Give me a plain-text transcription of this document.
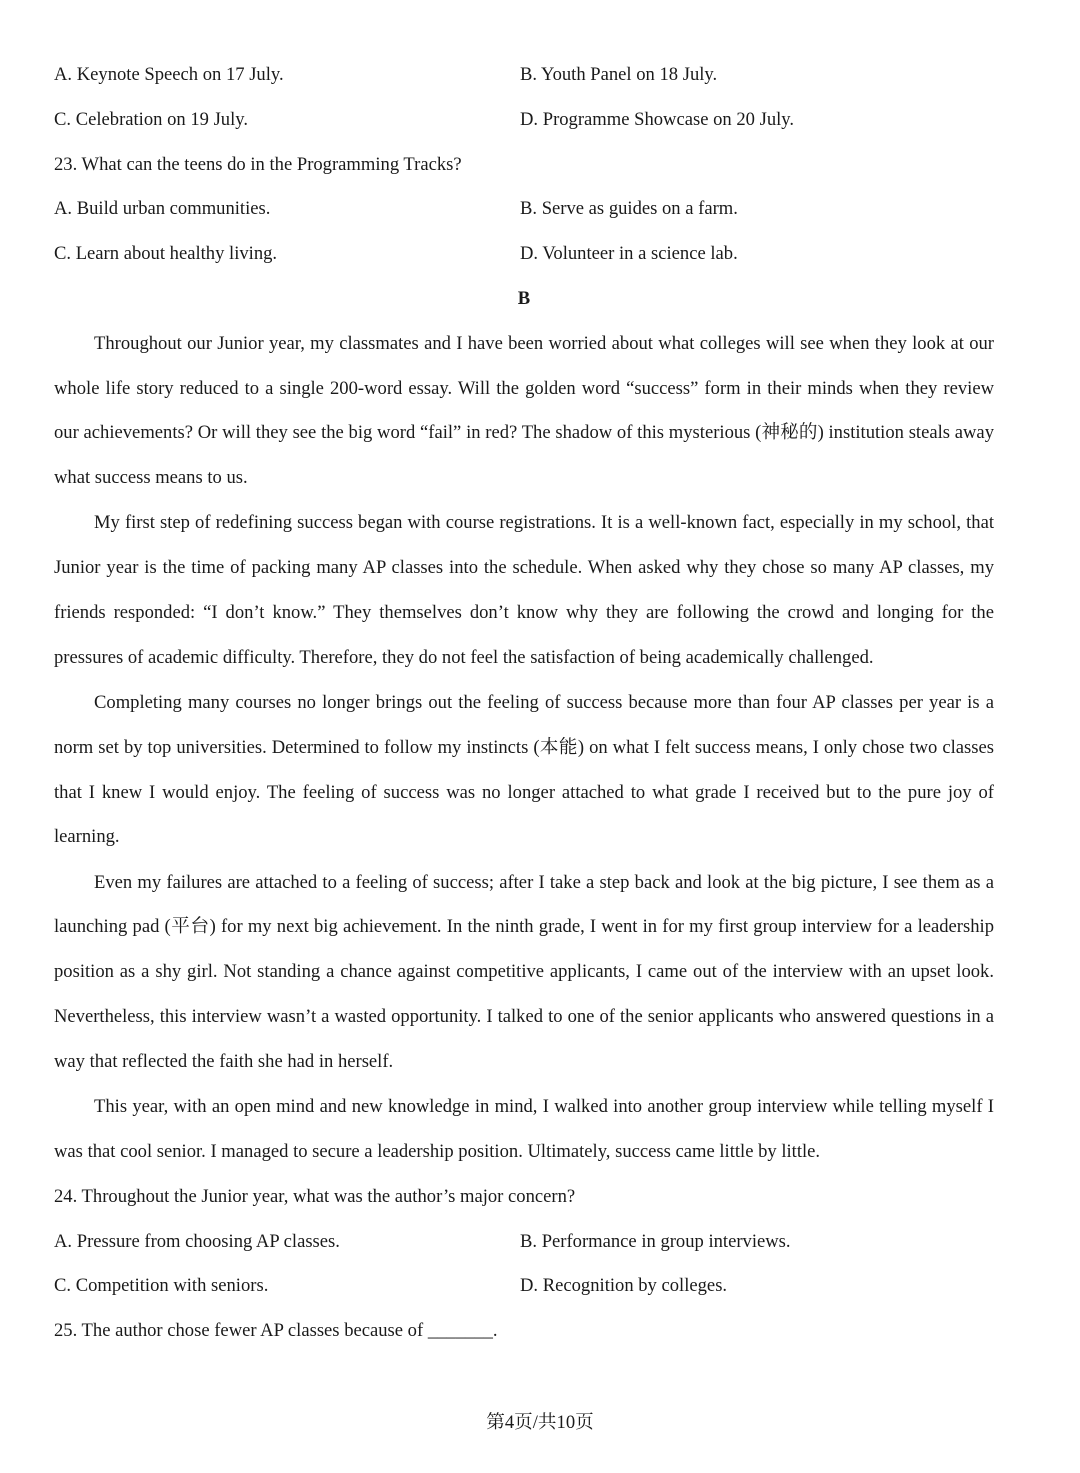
A. Keynote Speech on 17 July.	B. Youth Panel on 18 July.
C. Celebration on 19 July.	D. Programme Showcase on 20 July.
23. What can the teens do in the Programming Tracks?
A. Build urban communities.	B. Serve as guides on a farm.
C. Learn about healthy living.	D. Volunteer in a science lab.
B

Throughout our Junior year, my classmates and I have been worried about what colleges will see when they look at our whole life story reduced to a single 200-word essay. Will the golden word “success” form in their minds when they review our achievements? Or will they see the big word “fail” in red? The shadow of this mysterious (神秘的) institution steals away what success means to us.

My first step of redefining success began with course registrations. It is a well-known fact, especially in my school, that Junior year is the time of packing many AP classes into the schedule. When asked why they chose so many AP classes, my friends responded: “I don’t know.” They themselves don’t know why they are following the crowd and longing for the pressures of academic difficulty. Therefore, they do not feel the satisfaction of being academically challenged.

Completing many courses no longer brings out the feeling of success because more than four AP classes per year is a norm set by top universities. Determined to follow my instincts (本能) on what I felt success means, I only chose two classes that I knew I would enjoy. The feeling of success was no longer attached to what grade I received but to the pure joy of learning.

Even my failures are attached to a feeling of success; after I take a step back and look at the big picture, I see them as a launching pad (平台) for my next big achievement. In the ninth grade, I went in for my first group interview for a leadership position as a shy girl. Not standing a chance against competitive applicants, I came out of the interview with an upset look. Nevertheless, this interview wasn’t a wasted opportunity. I talked to one of the senior applicants who answered questions in a way that reflected the faith she had in herself.

This year, with an open mind and new knowledge in mind, I walked into another group interview while telling myself I was that cool senior. I managed to secure a leadership position. Ultimately, success came little by little.

24. Throughout the Junior year, what was the author’s major concern?
A. Pressure from choosing AP classes.	B. Performance in group interviews.
C. Competition with seniors.	D. Recognition by colleges.
25. The author chose fewer AP classes because of _______.
第4页/共10页
